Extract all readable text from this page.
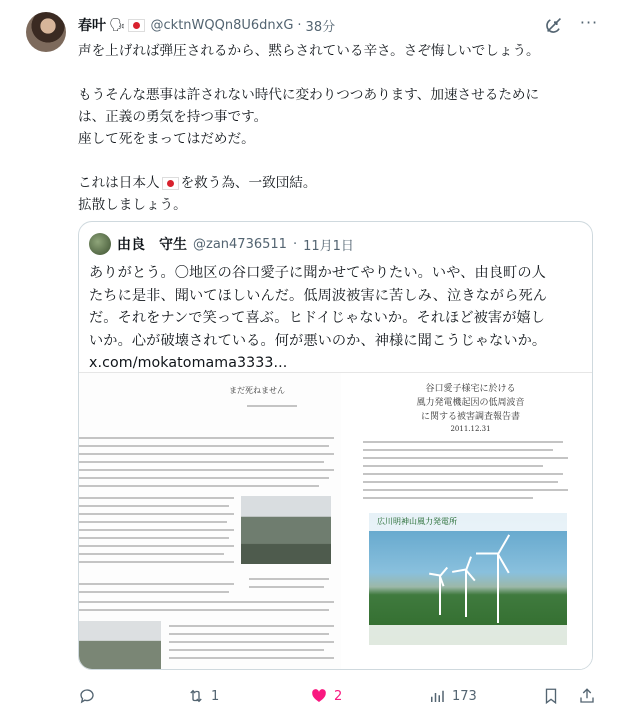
春叶 🗣 @cktnWQQn8U6dnxG · 38分	···

声を上げれば弾圧されるから、黙らされている辛さ。さぞ悔しいでしょう。

もうそんな悪事は許されない時代に変わりつつあります、加速させるために

は、正義の勇気を持つ事です。

座して死をまってはだめだ。

これは日本人 を救う為、一致団結。

拡散しましょう。

由良　守生 @zan4736511 · 11月1日

ありがとう。〇地区の谷口愛子に聞かせてやりたい。いや、由良町の人

たちに是非、聞いてほしいんだ。低周波被害に苦しみ、泣きながら死ん

だ。それをナンで笑って喜ぶ。ヒドイじゃないか。それほど被害が嬉し

いか。心が破壊されている。何が悪いのか、神様に聞こうじゃないか。

x.com/mokatomama3333...

まだ死ねません	谷口愛子様宅に於ける
風力発電機起因の低周波音
に関する被害調査報告書
2011.12.31
広川明神山風力発電所
1	2	173
